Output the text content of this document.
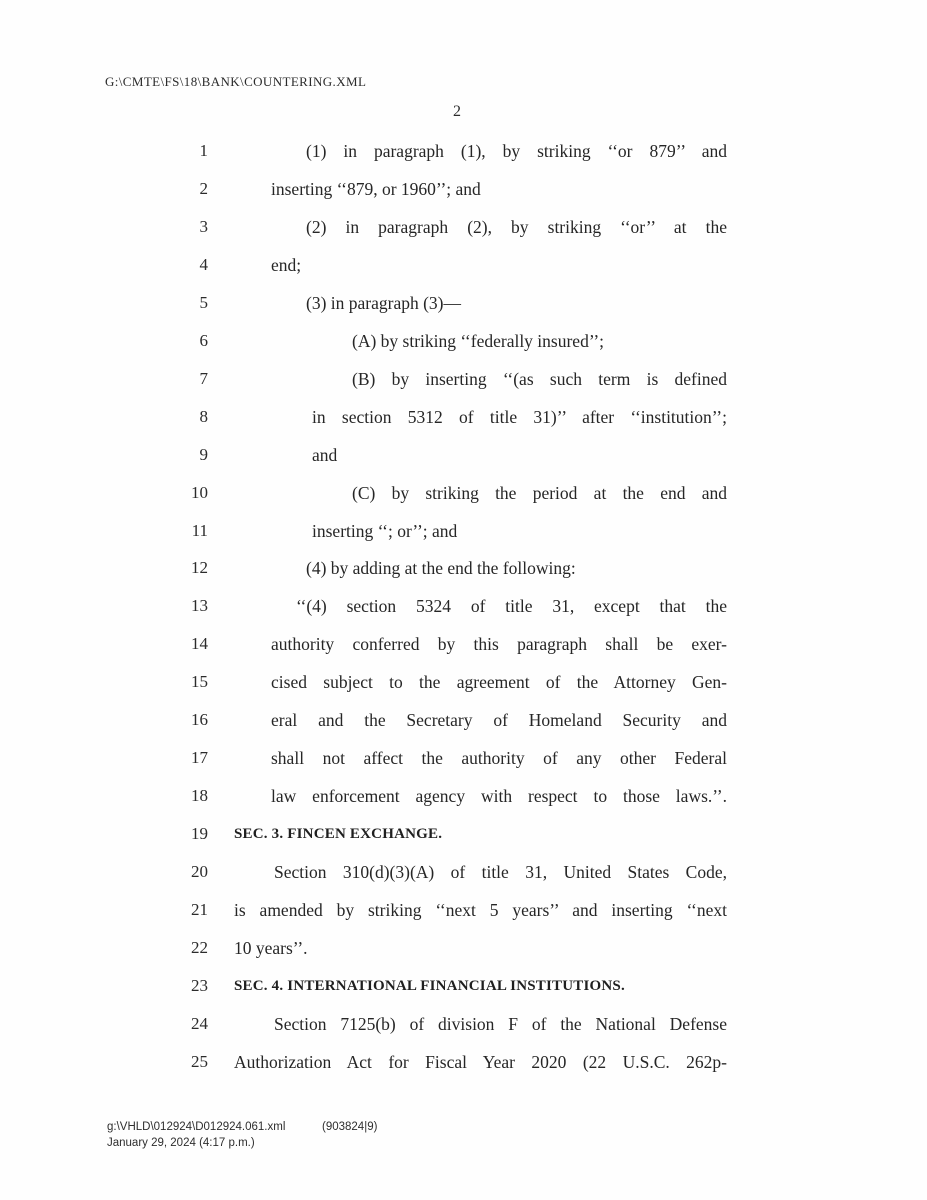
G:\CMTE\FS\18\BANK\COUNTERING.XML
2
1	(1) in paragraph (1), by striking ‘‘or 879’’ and
2	inserting ‘‘879, or 1960’’; and
3	(2) in paragraph (2), by striking ‘‘or’’ at the
4	end;
5	(3) in paragraph (3)—
6	(A) by striking ‘‘federally insured’’;
7	(B) by inserting ‘‘(as such term is defined
8	in section 5312 of title 31)’’ after ‘‘institution’’;
9	and
10	(C) by striking the period at the end and
11	inserting ‘‘; or’’; and
12	(4) by adding at the end the following:
13	‘‘(4) section 5324 of title 31, except that the
14	authority conferred by this paragraph shall be exer-
15	cised subject to the agreement of the Attorney Gen-
16	eral and the Secretary of Homeland Security and
17	shall not affect the authority of any other Federal
18	law enforcement agency with respect to those laws.’’.
19 SEC. 3. FINCEN EXCHANGE.
20	Section 310(d)(3)(A) of title 31, United States Code,
21 is amended by striking ‘‘next 5 years’’ and inserting ‘‘next
22 10 years’’.
23 SEC. 4. INTERNATIONAL FINANCIAL INSTITUTIONS.
24	Section 7125(b) of division F of the National Defense
25 Authorization Act for Fiscal Year 2020 (22 U.S.C. 262p-
g:\VHLD\012924\D012924.061.xml	(903824|9)
January 29, 2024 (4:17 p.m.)
